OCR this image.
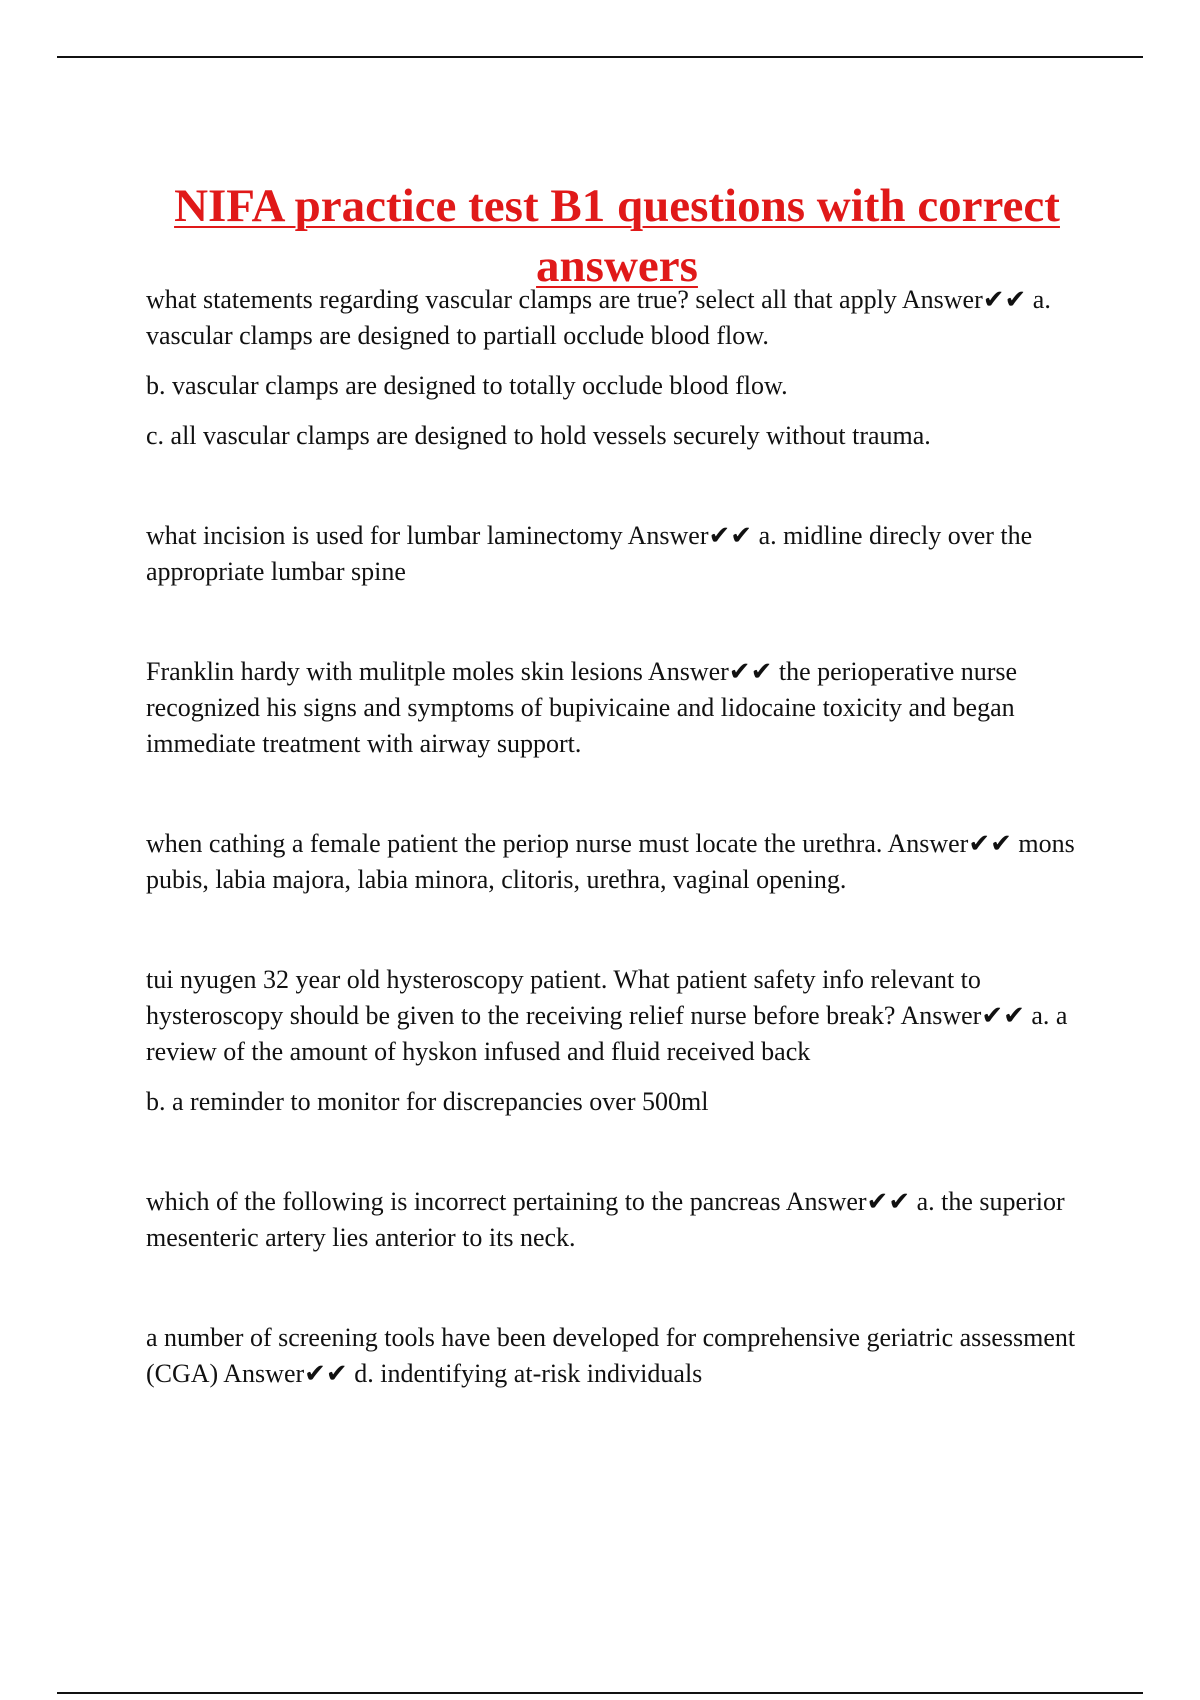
NIFA practice test B1 questions with correct answers

what statements regarding vascular clamps are true? select all that apply Answer✔✔ a. vascular clamps are designed to partiall occlude blood flow.

b. vascular clamps are designed to totally occlude blood flow.

c. all vascular clamps are designed to hold vessels securely without trauma.

what incision is used for lumbar laminectomy Answer✔✔ a. midline direcly over the appropriate lumbar spine

Franklin hardy with mulitple moles skin lesions Answer✔✔ the perioperative nurse recognized his signs and symptoms of bupivicaine and lidocaine toxicity and began immediate treatment with airway support.

when cathing a female patient the periop nurse must locate the urethra. Answer✔✔ mons pubis, labia majora, labia minora, clitoris, urethra, vaginal opening.

tui nyugen 32 year old hysteroscopy patient. What patient safety info relevant to hysteroscopy should be given to the receiving relief nurse before break? Answer✔✔ a. a review of the amount of hyskon infused and fluid received back

b. a reminder to monitor for discrepancies over 500ml

which of the following is incorrect pertaining to the pancreas Answer✔✔ a. the superior mesenteric artery lies anterior to its neck.

a number of screening tools have been developed for comprehensive geriatric assessment (CGA) Answer✔✔ d. indentifying at-risk individuals
